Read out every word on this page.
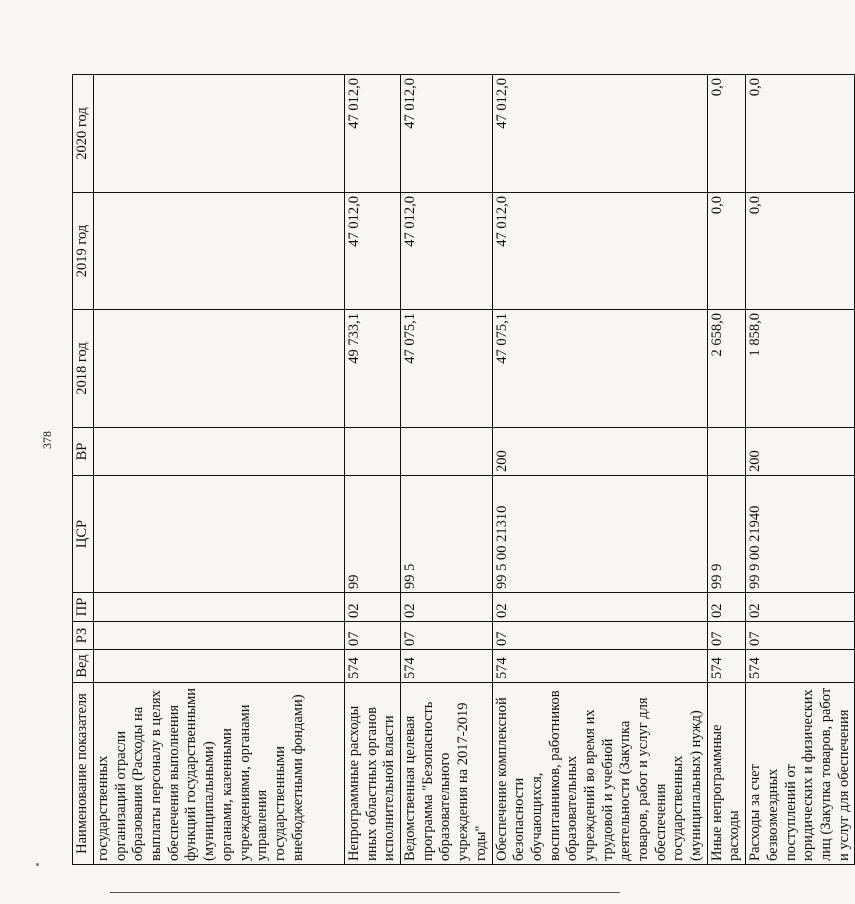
378
Наименование показателя	Вед	РЗ	ПР	ЦСР	ВР	2018 год	2019 год	2020 год
государственных организаций отрасли образования (Расходы на выплаты персоналу в целях обеспечения выполнения функций государственными (муниципальными) органами, казенными учреждениями, органами управления государственными внебюджетными фондами)								
Непрограммные расходы иных областных органов исполнительной власти	574	07	02	99		49 733,1	47 012,0	47 012,0
Ведомственная целевая программа "Безопасность образовательного учреждения на 2017-2019 годы"	574	07	02	99 5		47 075,1	47 012,0	47 012,0
Обеспечение комплексной безопасности обучающихся, воспитанников, работников образовательных учреждений во время их трудовой и учебной деятельности (Закупка товаров, работ и услуг для обеспечения государственных (муниципальных) нужд)	574	07	02	99 5 00 21310	200	47 075,1	47 012,0	47 012,0
Иные непрограммные расходы	574	07	02	99 9		2 658,0	0,0	0,0
Расходы за счет безвозмездных поступлений от юридических и физических лиц (Закупка товаров, работ и услуг для обеспечения	574	07	02	99 9 00 21940	200	1 858,0	0,0	0,0
